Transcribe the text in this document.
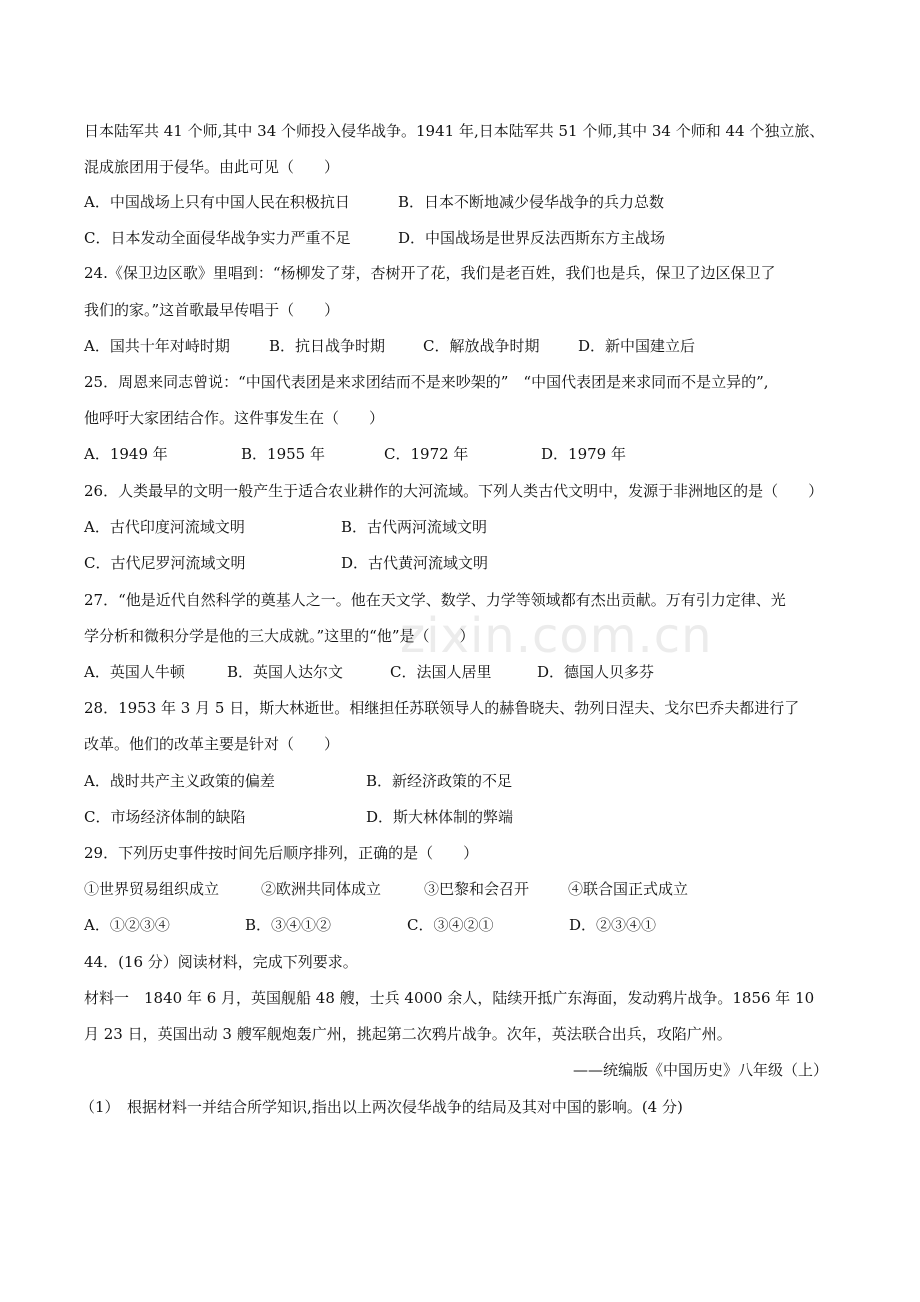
zixin.com.cn
日本陆军共 41 个师,其中 34 个师投入侵华战争。1941 年,日本陆军共 51 个师,其中 34 个师和 44 个独立旅、
混成旅团用于侵华。由此可见（　　）
A．中国战场上只有中国人民在积极抗日	B．日本不断地减少侵华战争的兵力总数
C．日本发动全面侵华战争实力严重不足	D．中国战场是世界反法西斯东方主战场
24.《保卫边区歌》里唱到：“杨柳发了芽，杏树开了花，我们是老百姓，我们也是兵，保卫了边区保卫了
我们的家。”这首歌最早传唱于（　　）
A．国共十年对峙时期	B．抗日战争时期	C．解放战争时期	D．新中国建立后
25．周恩来同志曾说：“中国代表团是来求团结而不是来吵架的”　“中国代表团是来求同而不是立异的”,
他呼吁大家团结合作。这件事发生在（　　）
A．1949 年	B．1955 年	C．1972 年	D．1979 年
26．人类最早的文明一般产生于适合农业耕作的大河流域。下列人类古代文明中，发源于非洲地区的是（　　）
A．古代印度河流域文明	B．古代两河流域文明
C．古代尼罗河流域文明	D．古代黄河流域文明
27．“他是近代自然科学的奠基人之一。他在天文学、数学、力学等领域都有杰出贡献。万有引力定律、光
学分析和微积分学是他的三大成就。”这里的“他”是（　　）
A．英国人牛顿	B．英国人达尔文	C．法国人居里	D．德国人贝多芬
28．1953 年 3 月 5 日，斯大林逝世。相继担任苏联领导人的赫鲁晓夫、勃列日涅夫、戈尔巴乔夫都进行了
改革。他们的改革主要是针对（　　）
A．战时共产主义政策的偏差	B．新经济政策的不足
C．市场经济体制的缺陷	D．斯大林体制的弊端
29．下列历史事件按时间先后顺序排列，正确的是（　　）
①世界贸易组织成立	②欧洲共同体成立	③巴黎和会召开	④联合国正式成立
A．①②③④	B．③④①②	C．③④②①	D．②③④①
44．(16 分）阅读材料，完成下列要求。
材料一　1840 年 6 月，英国舰船 48 艘，士兵 4000 余人，陆续开抵广东海面，发动鸦片战争。1856 年 10
月 23 日，英国出动 3 艘军舰炮轰广州，挑起第二次鸦片战争。次年，英法联合出兵，攻陷广州。
——统编版《中国历史》八年级（上）
（1）　根据材料一并结合所学知识,指出以上两次侵华战争的结局及其对中国的影响。(4 分)
